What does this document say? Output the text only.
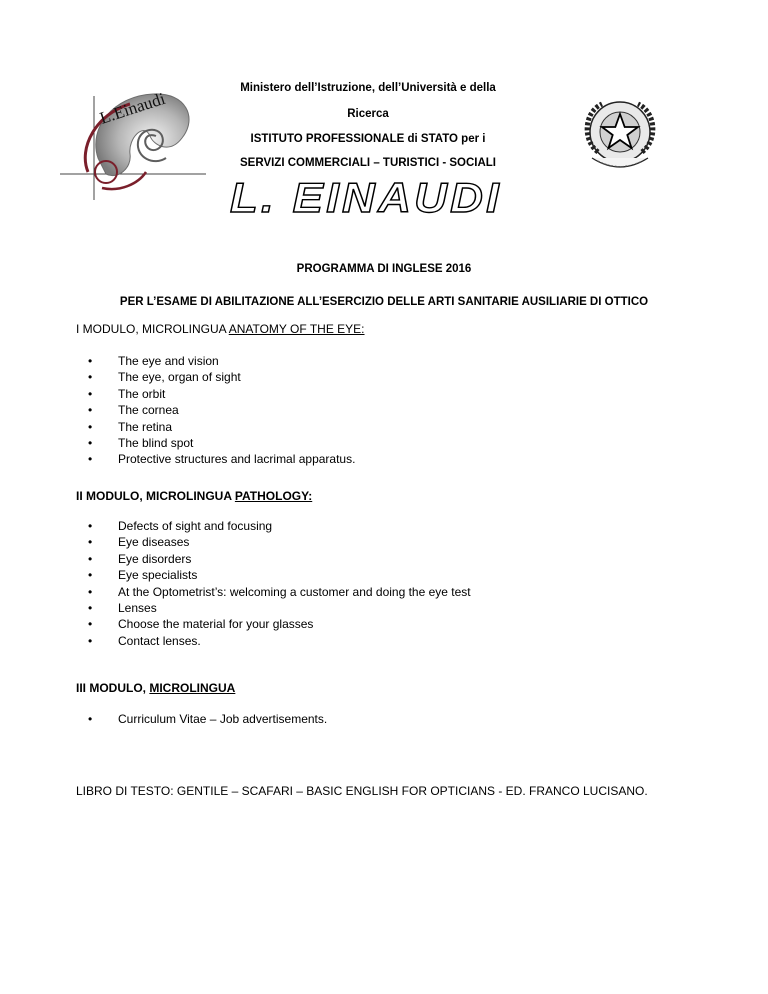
L.Einaudi
Ministero dell’Istruzione, dell’Università e della
Ricerca
ISTITUTO PROFESSIONALE di STATO per i
SERVIZI COMMERCIALI – TURISTICI - SOCIALI
L. EINAUDI
PROGRAMMA DI INGLESE 2016
PER L’ESAME DI ABILITAZIONE ALL’ESERCIZIO DELLE ARTI SANITARIE AUSILIARIE DI OTTICO
I MODULO, MICROLINGUA ANATOMY OF THE EYE:
• The eye and vision
• The eye, organ of sight
• The orbit
• The cornea
• The retina
• The blind spot
• Protective structures and lacrimal apparatus.
II MODULO, MICROLINGUA PATHOLOGY:
• Defects of sight and focusing
• Eye diseases
• Eye disorders
• Eye specialists
• At the Optometrist’s: welcoming a customer and doing the eye test
• Lenses
• Choose the material for your glasses
• Contact lenses.
III MODULO, MICROLINGUA
• Curriculum Vitae – Job advertisements.
LIBRO DI TESTO: GENTILE – SCAFARI – BASIC ENGLISH FOR OPTICIANS - ED. FRANCO LUCISANO.
